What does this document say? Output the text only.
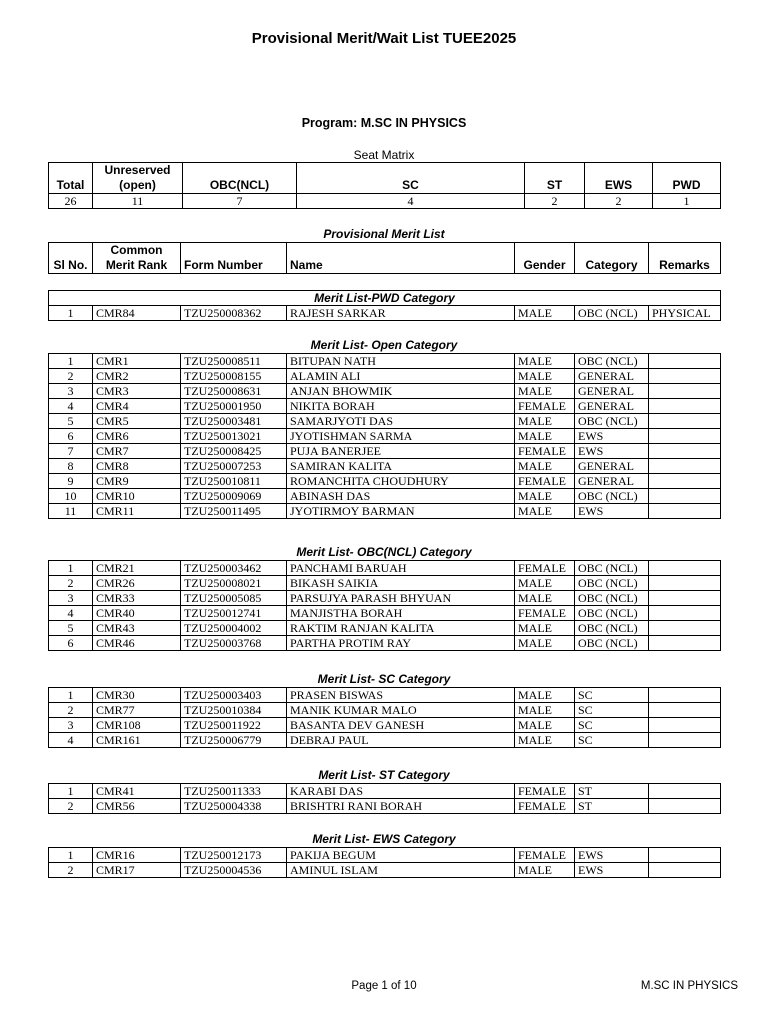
Provisional Merit/Wait List TUEE2025
Program: M.SC IN PHYSICS
Seat Matrix
Total	Unreserved (open)	OBC(NCL)	SC	ST	EWS	PWD
26	11	7	4	2	2	1
Provisional Merit List
Sl No.	Common Merit Rank	Form Number	Name	Gender	Category	Remarks
Merit List-PWD Category
1	CMR84	TZU250008362	RAJESH SARKAR	MALE	OBC (NCL)	PHYSICAL
Merit List- Open Category
1	CMR1	TZU250008511	BITUPAN NATH	MALE	OBC (NCL)	
2	CMR2	TZU250008155	ALAMIN ALI	MALE	GENERAL	
3	CMR3	TZU250008631	ANJAN BHOWMIK	MALE	GENERAL	
4	CMR4	TZU250001950	NIKITA BORAH	FEMALE	GENERAL	
5	CMR5	TZU250003481	SAMARJYOTI DAS	MALE	OBC (NCL)	
6	CMR6	TZU250013021	JYOTISHMAN SARMA	MALE	EWS	
7	CMR7	TZU250008425	PUJA BANERJEE	FEMALE	EWS	
8	CMR8	TZU250007253	SAMIRAN KALITA	MALE	GENERAL	
9	CMR9	TZU250010811	ROMANCHITA CHOUDHURY	FEMALE	GENERAL	
10	CMR10	TZU250009069	ABINASH DAS	MALE	OBC (NCL)	
11	CMR11	TZU250011495	JYOTIRMOY BARMAN	MALE	EWS	
Merit List- OBC(NCL) Category
1	CMR21	TZU250003462	PANCHAMI BARUAH	FEMALE	OBC (NCL)	
2	CMR26	TZU250008021	BIKASH SAIKIA	MALE	OBC (NCL)	
3	CMR33	TZU250005085	PARSUJYA PARASH BHYUAN	MALE	OBC (NCL)	
4	CMR40	TZU250012741	MANJISTHA BORAH	FEMALE	OBC (NCL)	
5	CMR43	TZU250004002	RAKTIM RANJAN KALITA	MALE	OBC (NCL)	
6	CMR46	TZU250003768	PARTHA PROTIM RAY	MALE	OBC (NCL)	
Merit List- SC Category
1	CMR30	TZU250003403	PRASEN BISWAS	MALE	SC	
2	CMR77	TZU250010384	MANIK KUMAR MALO	MALE	SC	
3	CMR108	TZU250011922	BASANTA DEV GANESH	MALE	SC	
4	CMR161	TZU250006779	DEBRAJ PAUL	MALE	SC	
Merit List- ST Category
1	CMR41	TZU250011333	KARABI DAS	FEMALE	ST	
2	CMR56	TZU250004338	BRISHTRI RANI BORAH	FEMALE	ST	
Merit List- EWS Category
1	CMR16	TZU250012173	PAKIJA BEGUM	FEMALE	EWS	
2	CMR17	TZU250004536	AMINUL ISLAM	MALE	EWS	
Page 1 of 10	M.SC IN PHYSICS
